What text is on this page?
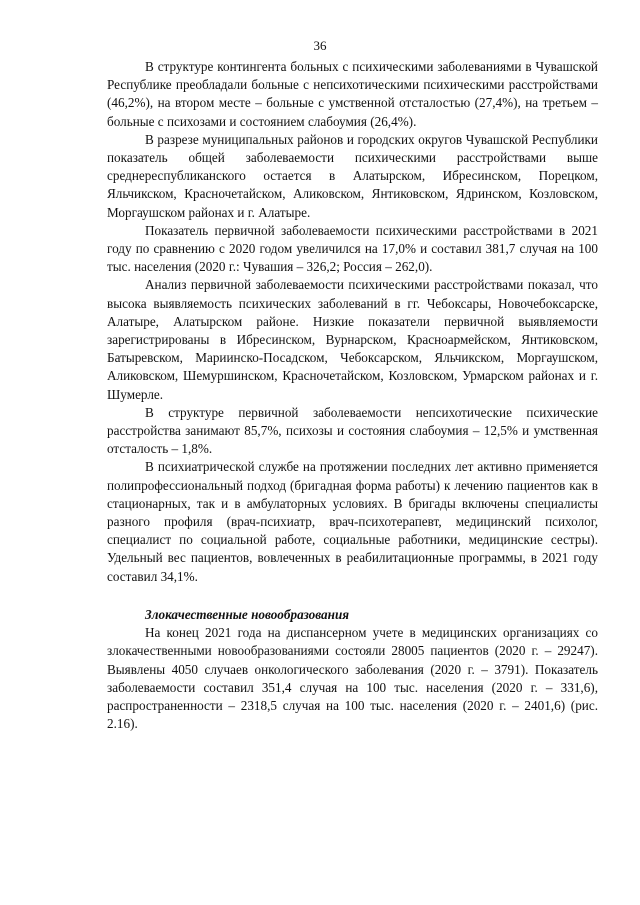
36

В структуре контингента больных с психическими заболеваниями в Чувашской Республике преобладали больные с непсихотическими психическими расстройствами (46,2%), на втором месте – больные с умственной отсталостью (27,4%), на третьем – больные с психозами и состоянием слабоумия (26,4%).

В разрезе муниципальных районов и городских округов Чувашской Республики показатель общей заболеваемости психическими расстройствами выше среднереспубликанского остается в Алатырском, Ибресинском, Порецком, Яльчикском, Красночетайском, Аликовском, Янтиковском, Ядринском, Козловском, Моргаушском районах и г. Алатыре.

Показатель первичной заболеваемости психическими расстройствами в 2021 году по сравнению с 2020 годом увеличился на 17,0% и составил 381,7 случая на 100 тыс. населения (2020 г.: Чувашия – 326,2; Россия – 262,0).

Анализ первичной заболеваемости психическими расстройствами показал, что высока выявляемость психических заболеваний в гг. Чебоксары, Новочебоксарске, Алатыре, Алатырском районе. Низкие показатели первичной выявляемости зарегистрированы в Ибресинском, Вурнарском, Красноармейском, Янтиковском, Батыревском, Мариинско-Посадском, Чебоксарском, Яльчикском, Моргаушском, Аликовском, Шемуршинском, Красночетайском, Козловском, Урмарском районах и г. Шумерле.

В структуре первичной заболеваемости непсихотические психические расстройства занимают 85,7%, психозы и состояния слабоумия – 12,5% и умственная отсталость – 1,8%.

В психиатрической службе на протяжении последних лет активно применяется полипрофессиональный подход (бригадная форма работы) к лечению пациентов как в стационарных, так и в амбулаторных условиях. В бригады включены специалисты разного профиля (врач-психиатр, врач-психотерапевт, медицинский психолог, специалист по социальной работе, социальные работники, медицинские сестры). Удельный вес пациентов, вовлеченных в реабилитационные программы, в 2021 году составил 34,1%.

Злокачественные новообразования

На конец 2021 года на диспансерном учете в медицинских организациях со злокачественными новообразованиями состояли 28005 пациентов (2020 г. – 29247). Выявлены 4050 случаев онкологического заболевания (2020 г. – 3791). Показатель заболеваемости составил 351,4 случая на 100 тыс. населения (2020 г. – 331,6), распространенности – 2318,5 случая на 100 тыс. населения (2020 г. – 2401,6) (рис. 2.16).
